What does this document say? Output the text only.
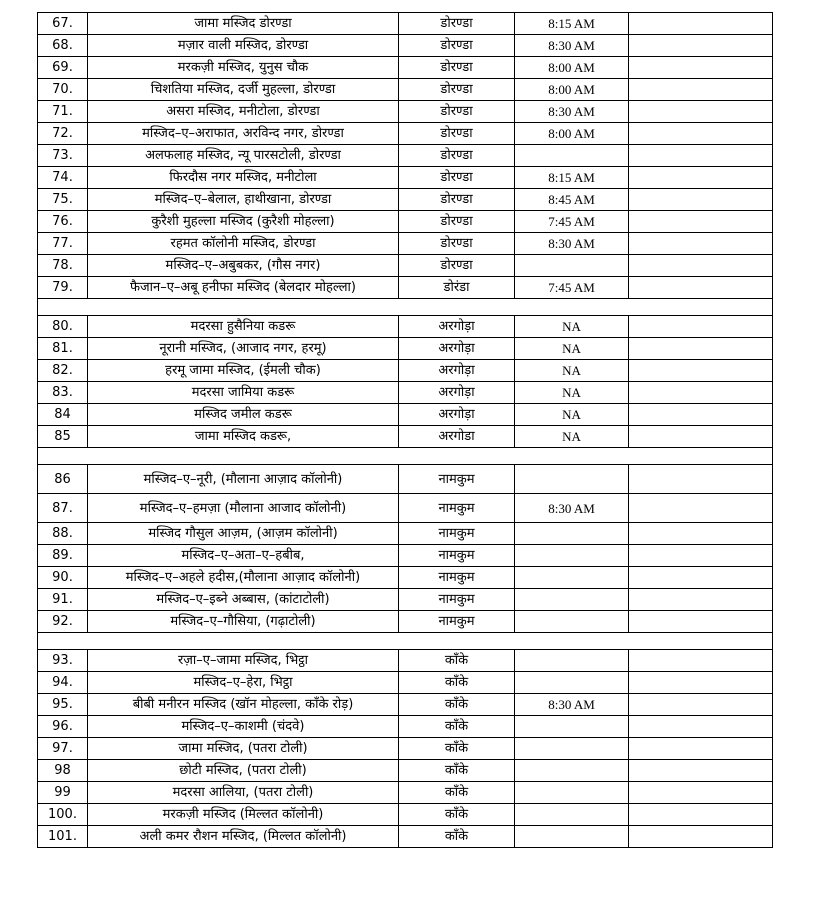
67.	जामा मस्जिद डोरण्डा	डोरण्डा	8:15 AM	
68.	मज़ार वाली मस्जिद, डोरण्डा	डोरण्डा	8:30 AM	
69.	मरकज़ी मस्जिद, युनुस चौक	डोरण्डा	8:00 AM	
70.	चिशतिया मस्जिद, दर्जी मुहल्ला, डोरण्डा	डोरण्डा	8:00 AM	
71.	असरा मस्जिद, मनीटोला, डोरण्डा	डोरण्डा	8:30 AM	
72.	मस्जिद–ए–अराफात, अरविन्द नगर, डोरण्डा	डोरण्डा	8:00 AM	
73.	अलफलाह मस्जिद, न्यू पारसटोली, डोरण्डा	डोरण्डा		
74.	फिरदौस नगर मस्जिद, मनीटोला	डोरण्डा	8:15 AM	
75.	मस्जिद–ए–बेलाल, हाथीखाना, डोरण्डा	डोरण्डा	8:45 AM	
76.	कुरैशी मुहल्ला मस्जिद (कुरैशी मोहल्ला)	डोरण्डा	7:45 AM	
77.	रहमत कॉलोनी मस्जिद, डोरण्डा	डोरण्डा	8:30 AM	
78.	मस्जिद–ए–अबुबकर, (गौस नगर)	डोरण्डा		
79.	फैजान–ए–अबू हनीफा मस्जिद (बेलदार मोहल्ला)	डोरंडा	7:45 AM	

80.	मदरसा हुसैनिया कडरू	अरगोड़ा	NA	
81.	नूरानी मस्जिद, (आजाद नगर, हरमू)	अरगोड़ा	NA	
82.	हरमू जामा मस्जिद, (ईमली चौक)	अरगोड़ा	NA	
83.	मदरसा जामिया कडरू	अरगोड़ा	NA	
84	मस्जिद जमील कडरू	अरगोड़ा	NA	
85	जामा मस्जिद कडरू,	अरगोडा	NA	

86	मस्जिद–ए–नूरी, (मौलाना आज़ाद कॉलोनी)	नामकुम		
87.	मस्जिद–ए–हमज़ा (मौलाना आजाद कॉलोनी)	नामकुम	8:30 AM	
88.	मस्जिद गौसुल आज़म, (आज़म कॉलोनी)	नामकुम		
89.	मस्जिद–ए–अता–ए–हबीब,	नामकुम		
90.	मस्जिद–ए–अहले हदीस,(मौलाना आज़ाद कॉलोनी)	नामकुम		
91.	मस्जिद–ए–इब्ने अब्बास, (कांटाटोली)	नामकुम		
92.	मस्जिद–ए–गौसिया, (गढ़ाटोली)	नामकुम		

93.	रज़ा–ए–जामा मस्जिद, भिट्ठा	काँके		
94.	मस्जिद–ए–हेरा, भिट्ठा	काँके		
95.	बीबी मनीरन मस्जिद (खॉन मोहल्ला, काँके रोड़)	काँके	8:30 AM	
96.	मस्जिद–ए–काशमी (चंदवे)	काँके		
97.	जामा मस्जिद, (पतरा टोली)	काँके		
98	छोटी मस्जिद, (पतरा टोली)	काँके		
99	मदरसा आलिया, (पतरा टोली)	काँके		
100.	मरकज़ी मस्जिद (मिल्लत कॉलोनी)	काँके		
101.	अली कमर रौशन मस्जिद, (मिल्लत कॉलोनी)	काँके		
